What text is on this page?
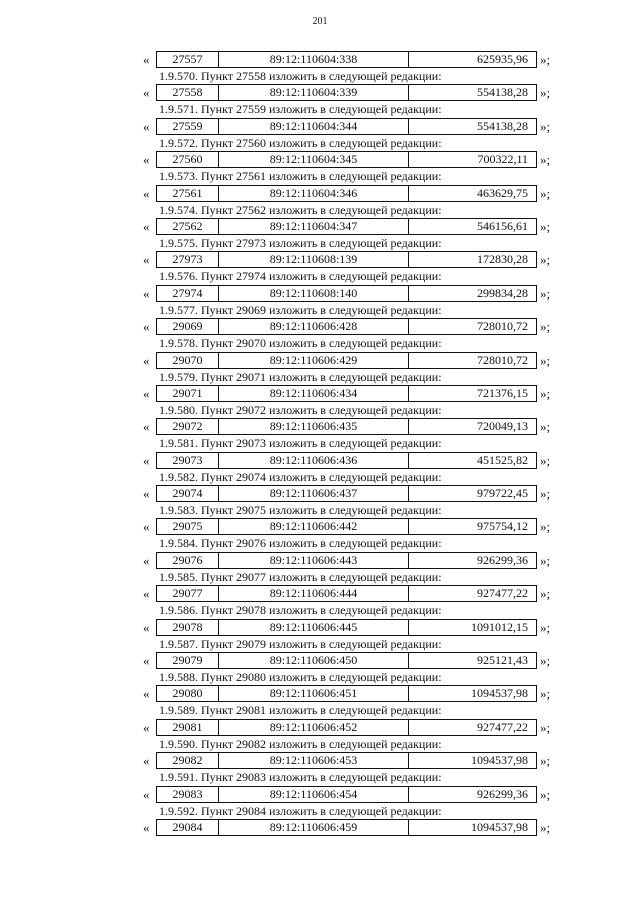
201
«	27557	89:12:110604:338	625935,96 »;
1.9.570. Пункт 27558 изложить в следующей редакции:
«	27558	89:12:110604:339	554138,28 »;
1.9.571. Пункт 27559 изложить в следующей редакции:
«	27559	89:12:110604:344	554138,28 »;
1.9.572. Пункт 27560 изложить в следующей редакции:
«	27560	89:12:110604:345	700322,11 »;
1.9.573. Пункт 27561 изложить в следующей редакции:
«	27561	89:12:110604:346	463629,75 »;
1.9.574. Пункт 27562 изложить в следующей редакции:
«	27562	89:12:110604:347	546156,61 »;
1.9.575. Пункт 27973 изложить в следующей редакции:
«	27973	89:12:110608:139	172830,28 »;
1.9.576. Пункт 27974 изложить в следующей редакции:
«	27974	89:12:110608:140	299834,28 »;
1.9.577. Пункт 29069 изложить в следующей редакции:
«	29069	89:12:110606:428	728010,72 »;
1.9.578. Пункт 29070 изложить в следующей редакции:
«	29070	89:12:110606:429	728010,72 »;
1.9.579. Пункт 29071 изложить в следующей редакции:
«	29071	89:12:110606:434	721376,15 »;
1.9.580. Пункт 29072 изложить в следующей редакции:
«	29072	89:12:110606:435	720049,13 »;
1.9.581. Пункт 29073 изложить в следующей редакции:
«	29073	89:12:110606:436	451525,82 »;
1.9.582. Пункт 29074 изложить в следующей редакции:
«	29074	89:12:110606:437	979722,45 »;
1.9.583. Пункт 29075 изложить в следующей редакции:
«	29075	89:12:110606:442	975754,12 »;
1.9.584. Пункт 29076 изложить в следующей редакции:
«	29076	89:12:110606:443	926299,36 »;
1.9.585. Пункт 29077 изложить в следующей редакции:
«	29077	89:12:110606:444	927477,22 »;
1.9.586. Пункт 29078 изложить в следующей редакции:
«	29078	89:12:110606:445	1091012,15 »;
1.9.587. Пункт 29079 изложить в следующей редакции:
«	29079	89:12:110606:450	925121,43 »;
1.9.588. Пункт 29080 изложить в следующей редакции:
«	29080	89:12:110606:451	1094537,98 »;
1.9.589. Пункт 29081 изложить в следующей редакции:
«	29081	89:12:110606:452	927477,22 »;
1.9.590. Пункт 29082 изложить в следующей редакции:
«	29082	89:12:110606:453	1094537,98 »;
1.9.591. Пункт 29083 изложить в следующей редакции:
«	29083	89:12:110606:454	926299,36 »;
1.9.592. Пункт 29084 изложить в следующей редакции:
«	29084	89:12:110606:459	1094537,98 »;
